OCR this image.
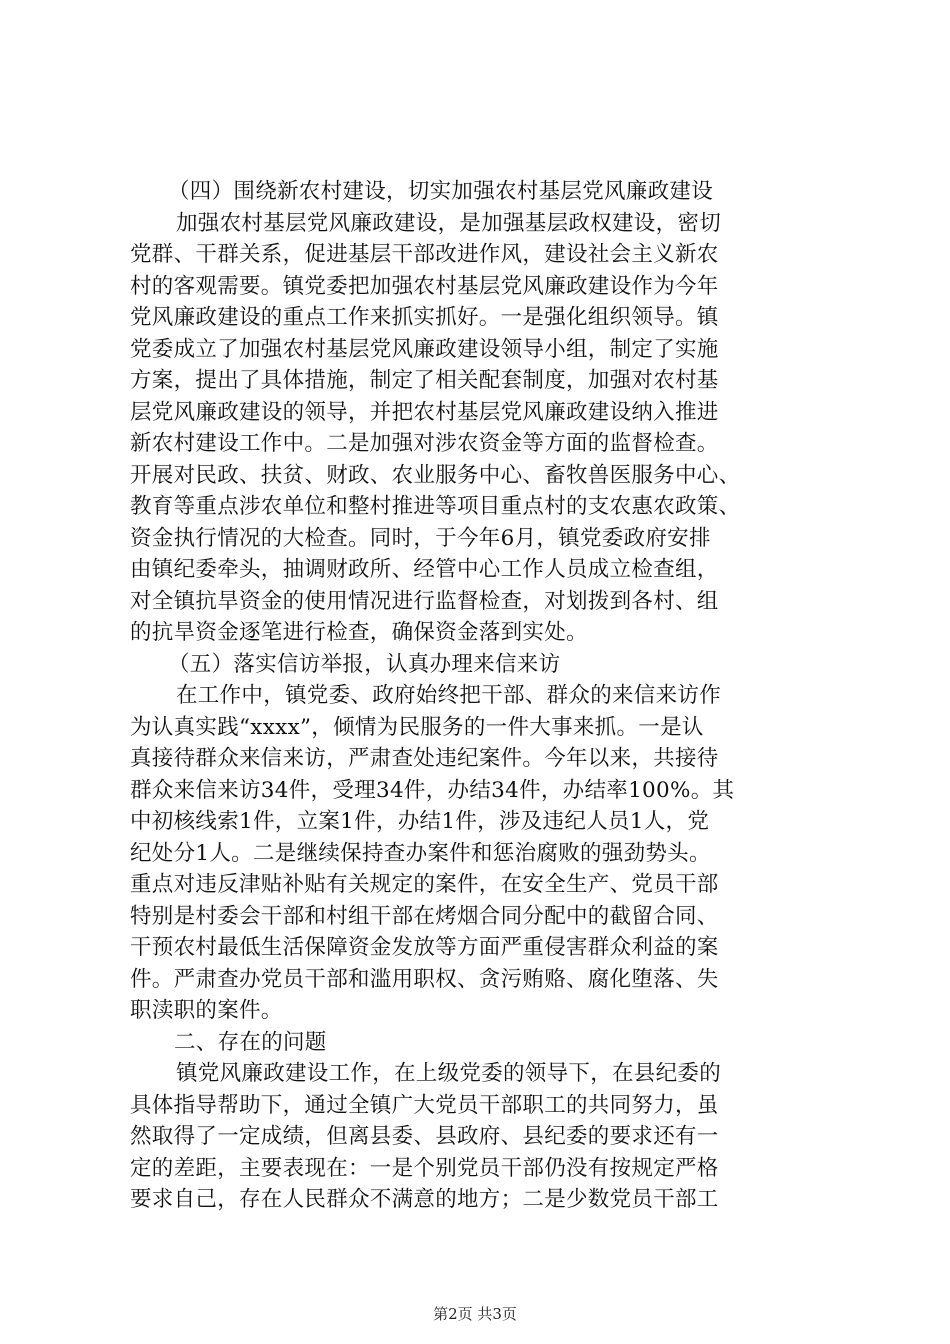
（四）围绕新农村建设，切实加强农村基层党风廉政建设
加强农村基层党风廉政建设，是加强基层政权建设，密切
党群、干群关系，促进基层干部改进作风，建设社会主义新农
村的客观需要。镇党委把加强农村基层党风廉政建设作为今年
党风廉政建设的重点工作来抓实抓好。一是强化组织领导。镇
党委成立了加强农村基层党风廉政建设领导小组，制定了实施
方案，提出了具体措施，制定了相关配套制度，加强对农村基
层党风廉政建设的领导，并把农村基层党风廉政建设纳入推进
新农村建设工作中。二是加强对涉农资金等方面的监督检查。
开展对民政、扶贫、财政、农业服务中心、畜牧兽医服务中心、
教育等重点涉农单位和整村推进等项目重点村的支农惠农政策、
资金执行情况的大检查。同时，于今年6月，镇党委政府安排
由镇纪委牵头，抽调财政所、经管中心工作人员成立检查组，
对全镇抗旱资金的使用情况进行监督检查，对划拨到各村、组
的抗旱资金逐笔进行检查，确保资金落到实处。
（五）落实信访举报，认真办理来信来访
在工作中，镇党委、政府始终把干部、群众的来信来访作
为认真实践“xxxx”，倾情为民服务的一件大事来抓。一是认
真接待群众来信来访，严肃查处违纪案件。今年以来，共接待
群众来信来访34件，受理34件，办结34件，办结率100%。其
中初核线索1件，立案1件，办结1件，涉及违纪人员1人，党
纪处分1人。二是继续保持查办案件和惩治腐败的强劲势头。
重点对违反津贴补贴有关规定的案件，在安全生产、党员干部
特别是村委会干部和村组干部在烤烟合同分配中的截留合同、
干预农村最低生活保障资金发放等方面严重侵害群众利益的案
件。严肃查办党员干部和滥用职权、贪污贿赂、腐化堕落、失
职渎职的案件。
二、存在的问题
镇党风廉政建设工作，在上级党委的领导下，在县纪委的
具体指导帮助下，通过全镇广大党员干部职工的共同努力，虽
然取得了一定成绩，但离县委、县政府、县纪委的要求还有一
定的差距，主要表现在：一是个别党员干部仍没有按规定严格
要求自己，存在人民群众不满意的地方；二是少数党员干部工
第2页 共3页
